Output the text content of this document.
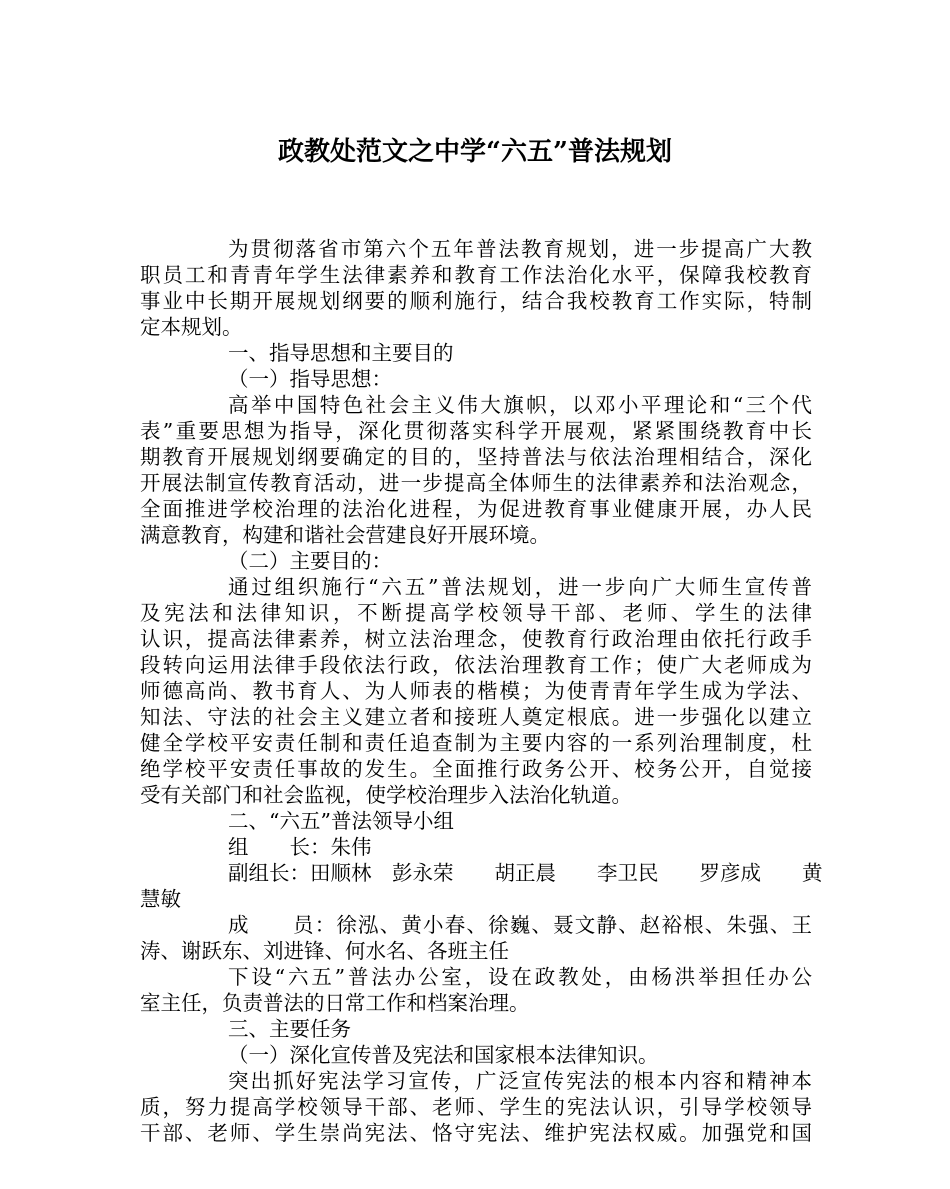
政教处范文之中学“六五”普法规划
为贯彻落省市第六个五年普法教育规划，进一步提高广大教
职员工和青青年学生法律素养和教育工作法治化水平，保障我校教育
事业中长期开展规划纲要的顺利施行，结合我校教育工作实际，特制
定本规划。
一、指导思想和主要目的
（一）指导思想：
高举中国特色社会主义伟大旗帜，以邓小平理论和“三个代
表”重要思想为指导，深化贯彻落实科学开展观，紧紧围绕教育中长
期教育开展规划纲要确定的目的，坚持普法与依法治理相结合，深化
开展法制宣传教育活动，进一步提高全体师生的法律素养和法治观念，
全面推进学校治理的法治化进程，为促进教育事业健康开展，办人民
满意教育，构建和谐社会营建良好开展环境。
（二）主要目的：
通过组织施行“六五”普法规划，进一步向广大师生宣传普
及宪法和法律知识，不断提高学校领导干部、老师、学生的法律
认识，提高法律素养，树立法治理念，使教育行政治理由依托行政手
段转向运用法律手段依法行政，依法治理教育工作；使广大老师成为
师德高尚、教书育人、为人师表的楷模；为使青青年学生成为学法、
知法、守法的社会主义建立者和接班人奠定根底。进一步强化以建立
健全学校平安责任制和责任追查制为主要内容的一系列治理制度，杜
绝学校平安责任事故的发生。全面推行政务公开、校务公开，自觉接
受有关部门和社会监视，使学校治理步入法治化轨道。
二、“六五”普法领导小组
组　　长：朱伟
副组长：田顺林　彭永荣　　胡正晨　　李卫民　　罗彦成　　黄
慧敏
成　　员：徐泓、黄小春、徐巍、聂文静、赵裕根、朱强、王
涛、谢跃东、刘进锋、何水名、各班主任
下设“六五”普法办公室，设在政教处，由杨洪举担任办公
室主任，负责普法的日常工作和档案治理。
三、主要任务
（一）深化宣传普及宪法和国家根本法律知识。
突出抓好宪法学习宣传，广泛宣传宪法的根本内容和精神本
质，努力提高学校领导干部、老师、学生的宪法认识，引导学校领导
干部、老师、学生崇尚宪法、恪守宪法、维护宪法权威。加强党和国
